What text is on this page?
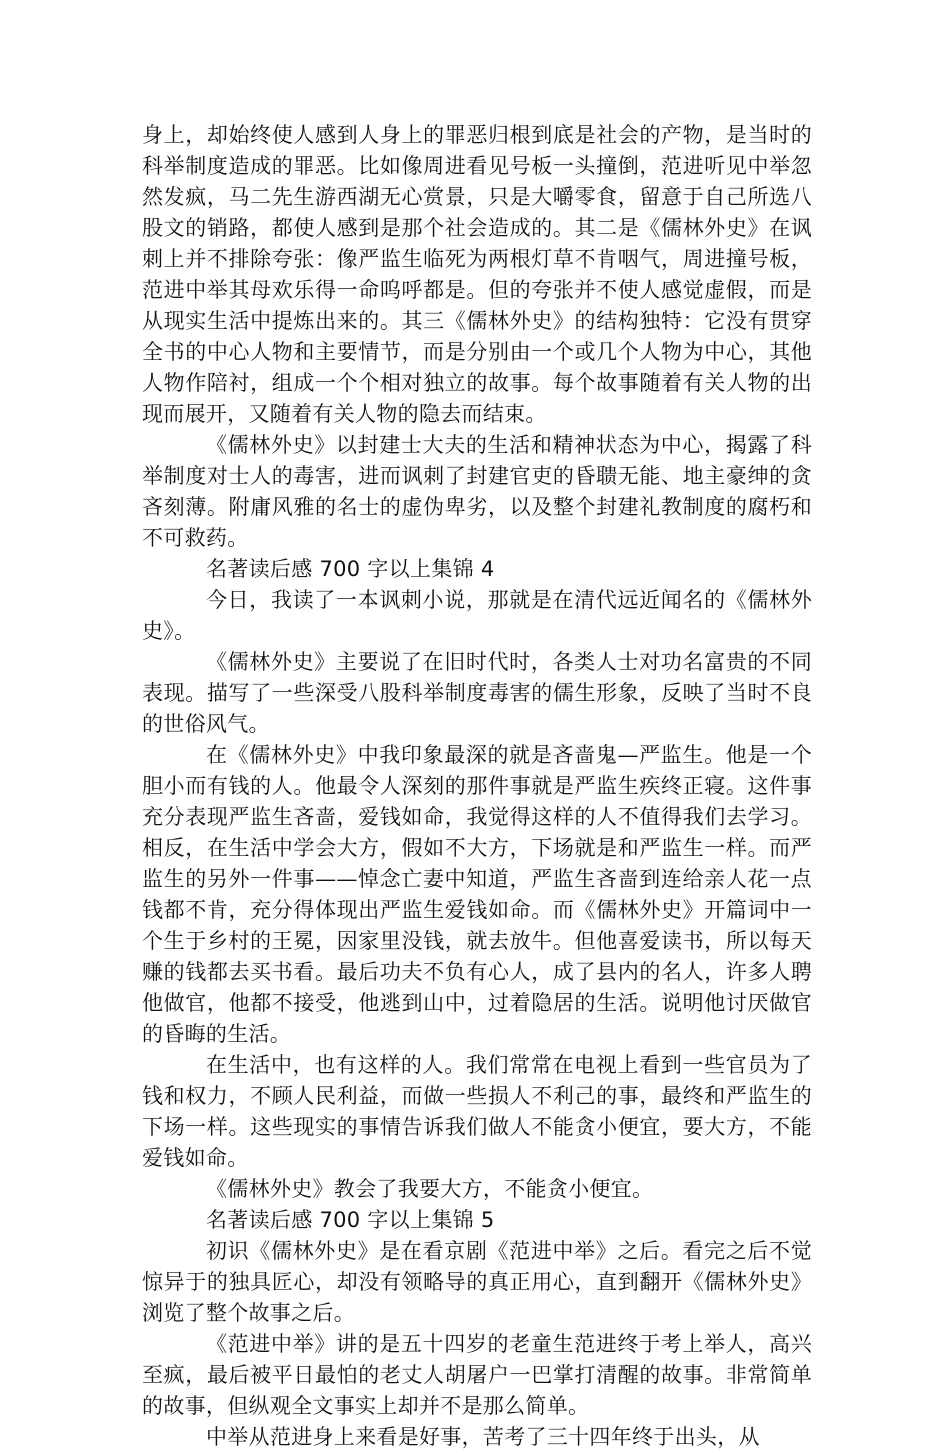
身上，却始终使人感到人身上的罪恶归根到底是社会的产物，是当时的科举制度造成的罪恶。比如像周进看见号板一头撞倒，范进听见中举忽然发疯，马二先生游西湖无心赏景，只是大嚼零食，留意于自己所选八股文的销路，都使人感到是那个社会造成的。其二是《儒林外史》在讽刺上并不排除夸张：像严监生临死为两根灯草不肯咽气，周进撞号板，范进中举其母欢乐得一命呜呼都是。但的夸张并不使人感觉虚假，而是从现实生活中提炼出来的。其三《儒林外史》的结构独特：它没有贯穿全书的中心人物和主要情节，而是分别由一个或几个人物为中心，其他人物作陪衬，组成一个个相对独立的故事。每个故事随着有关人物的出现而展开，又随着有关人物的隐去而结束。

《儒林外史》以封建士大夫的生活和精神状态为中心，揭露了科举制度对士人的毒害，进而讽刺了封建官吏的昏聩无能、地主豪绅的贪吝刻薄。附庸风雅的名士的虚伪卑劣，以及整个封建礼教制度的腐朽和不可救药。

名著读后感 700 字以上集锦 4

今日，我读了一本讽刺小说，那就是在清代远近闻名的《儒林外史》。

《儒林外史》主要说了在旧时代时，各类人士对功名富贵的不同表现。描写了一些深受八股科举制度毒害的儒生形象，反映了当时不良的世俗风气。

在《儒林外史》中我印象最深的就是吝啬鬼—严监生。他是一个胆小而有钱的人。他最令人深刻的那件事就是严监生疾终正寝。这件事充分表现严监生吝啬，爱钱如命，我觉得这样的人不值得我们去学习。相反，在生活中学会大方，假如不大方，下场就是和严监生一样。而严监生的另外一件事——悼念亡妻中知道，严监生吝啬到连给亲人花一点钱都不肯，充分得体现出严监生爱钱如命。而《儒林外史》开篇词中一个生于乡村的王冕，因家里没钱，就去放牛。但他喜爱读书，所以每天赚的钱都去买书看。最后功夫不负有心人，成了县内的名人，许多人聘他做官，他都不接受，他逃到山中，过着隐居的生活。说明他讨厌做官的昏晦的生活。

在生活中，也有这样的人。我们常常在电视上看到一些官员为了钱和权力，不顾人民利益，而做一些损人不利己的事，最终和严监生的下场一样。这些现实的事情告诉我们做人不能贪小便宜，要大方，不能爱钱如命。

《儒林外史》教会了我要大方，不能贪小便宜。

名著读后感 700 字以上集锦 5

初识《儒林外史》是在看京剧《范进中举》之后。看完之后不觉惊异于的独具匠心，却没有领略导的真正用心，直到翻开《儒林外史》浏览了整个故事之后。

《范进中举》讲的是五十四岁的老童生范进终于考上举人，高兴至疯，最后被平日最怕的老丈人胡屠户一巴掌打清醒的故事。非常简单的故事，但纵观全文事实上却并不是那么简单。

中举从范进身上来看是好事，苦考了三十四年终于出头，从
